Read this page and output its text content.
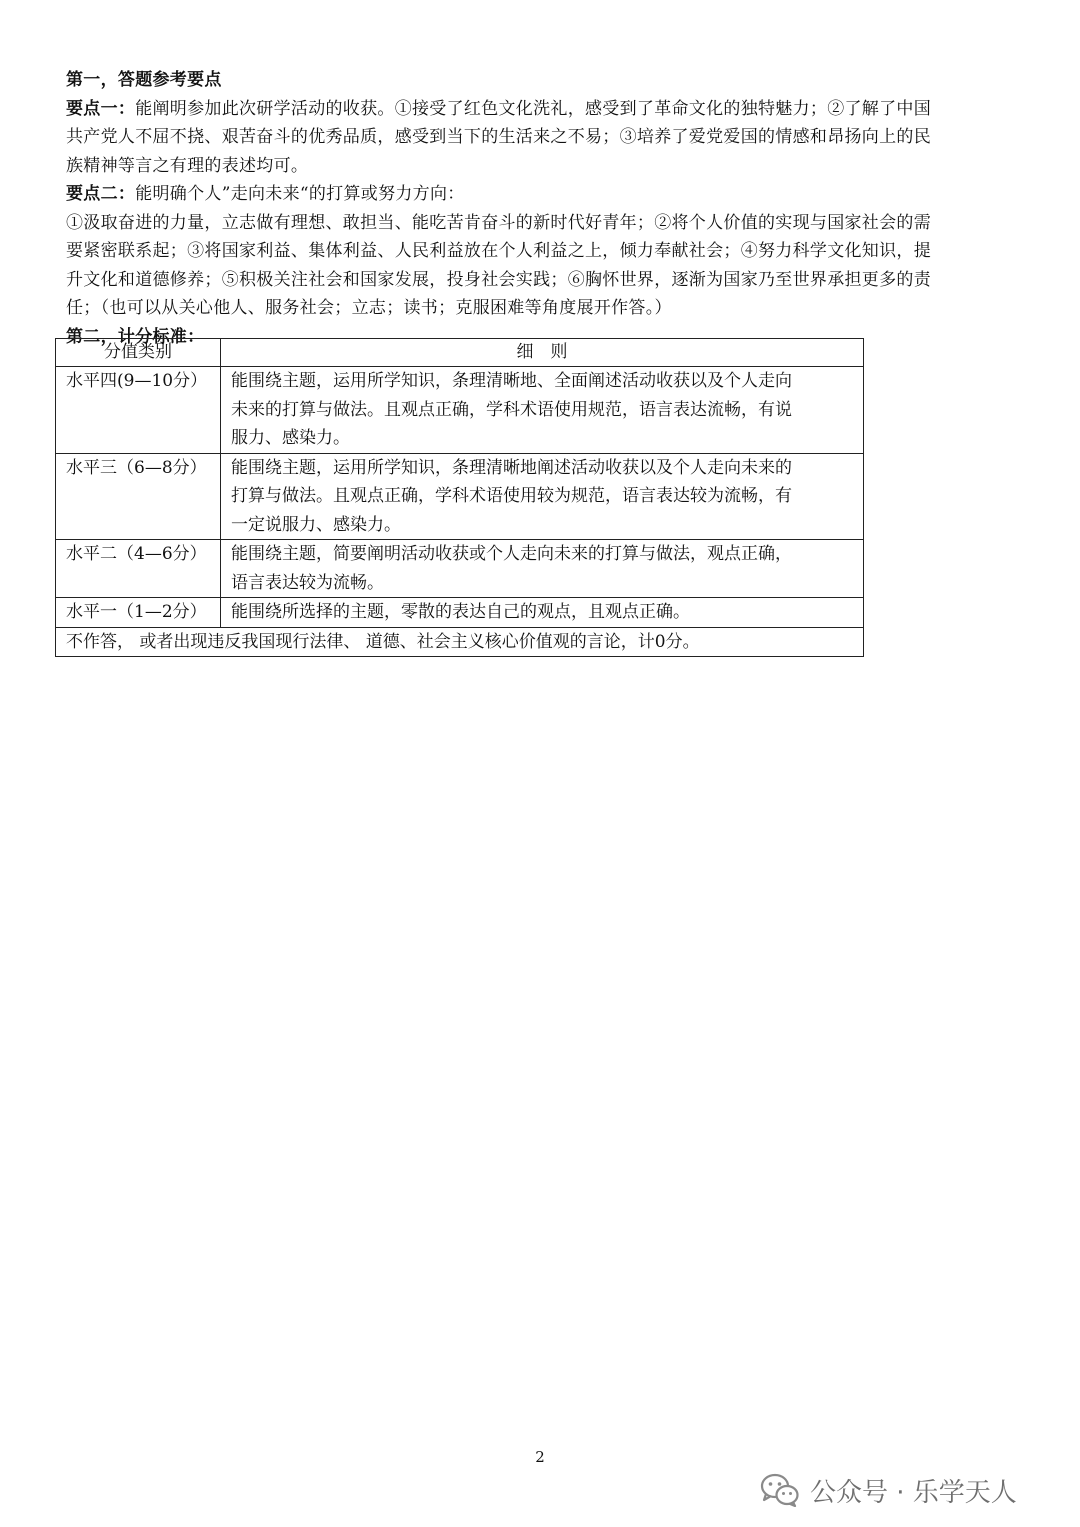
第一，答题参考要点
要点一：能阐明参加此次研学活动的收获。①接受了红色文化洗礼，感受到了革命文化的独特魅力；②了解了中国
共产党人不屈不挠、艰苦奋斗的优秀品质，感受到当下的生活来之不易；③培养了爱党爱国的情感和昂扬向上的民
族精神等言之有理的表述均可。
要点二：能明确个人”走向未来“的打算或努力方向：
①汲取奋进的力量，立志做有理想、敢担当、能吃苦肯奋斗的新时代好青年；②将个人价值的实现与国家社会的需
要紧密联系起；③将国家利益、集体利益、人民利益放在个人利益之上，倾力奉献社会；④努力科学文化知识，提
升文化和道德修养；⑤积极关注社会和国家发展，投身社会实践；⑥胸怀世界，逐渐为国家乃至世界承担更多的责
任；（也可以从关心他人、服务社会；立志；读书；克服困难等角度展开作答。）
第二，计分标准：
分值类别	细　则
水平四(9—10分）	能围绕主题，运用所学知识，条理清晰地、全面阐述活动收获以及个人走向
未来的打算与做法。且观点正确，学科术语使用规范，语言表达流畅，有说
服力、感染力。

水平三（6—8分）	能围绕主题，运用所学知识，条理清晰地阐述活动收获以及个人走向未来的
打算与做法。且观点正确，学科术语使用较为规范，语言表达较为流畅，有
一定说服力、感染力。

水平二（4—6分）	能围绕主题，简要阐明活动收获或个人走向未来的打算与做法，观点正确，
语言表达较为流畅。

水平一（1—2分）	能围绕所选择的主题，零散的表达自己的观点，且观点正确。

不作答， 或者出现违反我国现行法律、 道德、社会主义核心价值观的言论，计0分。	
2
公众号 · 乐学天人
